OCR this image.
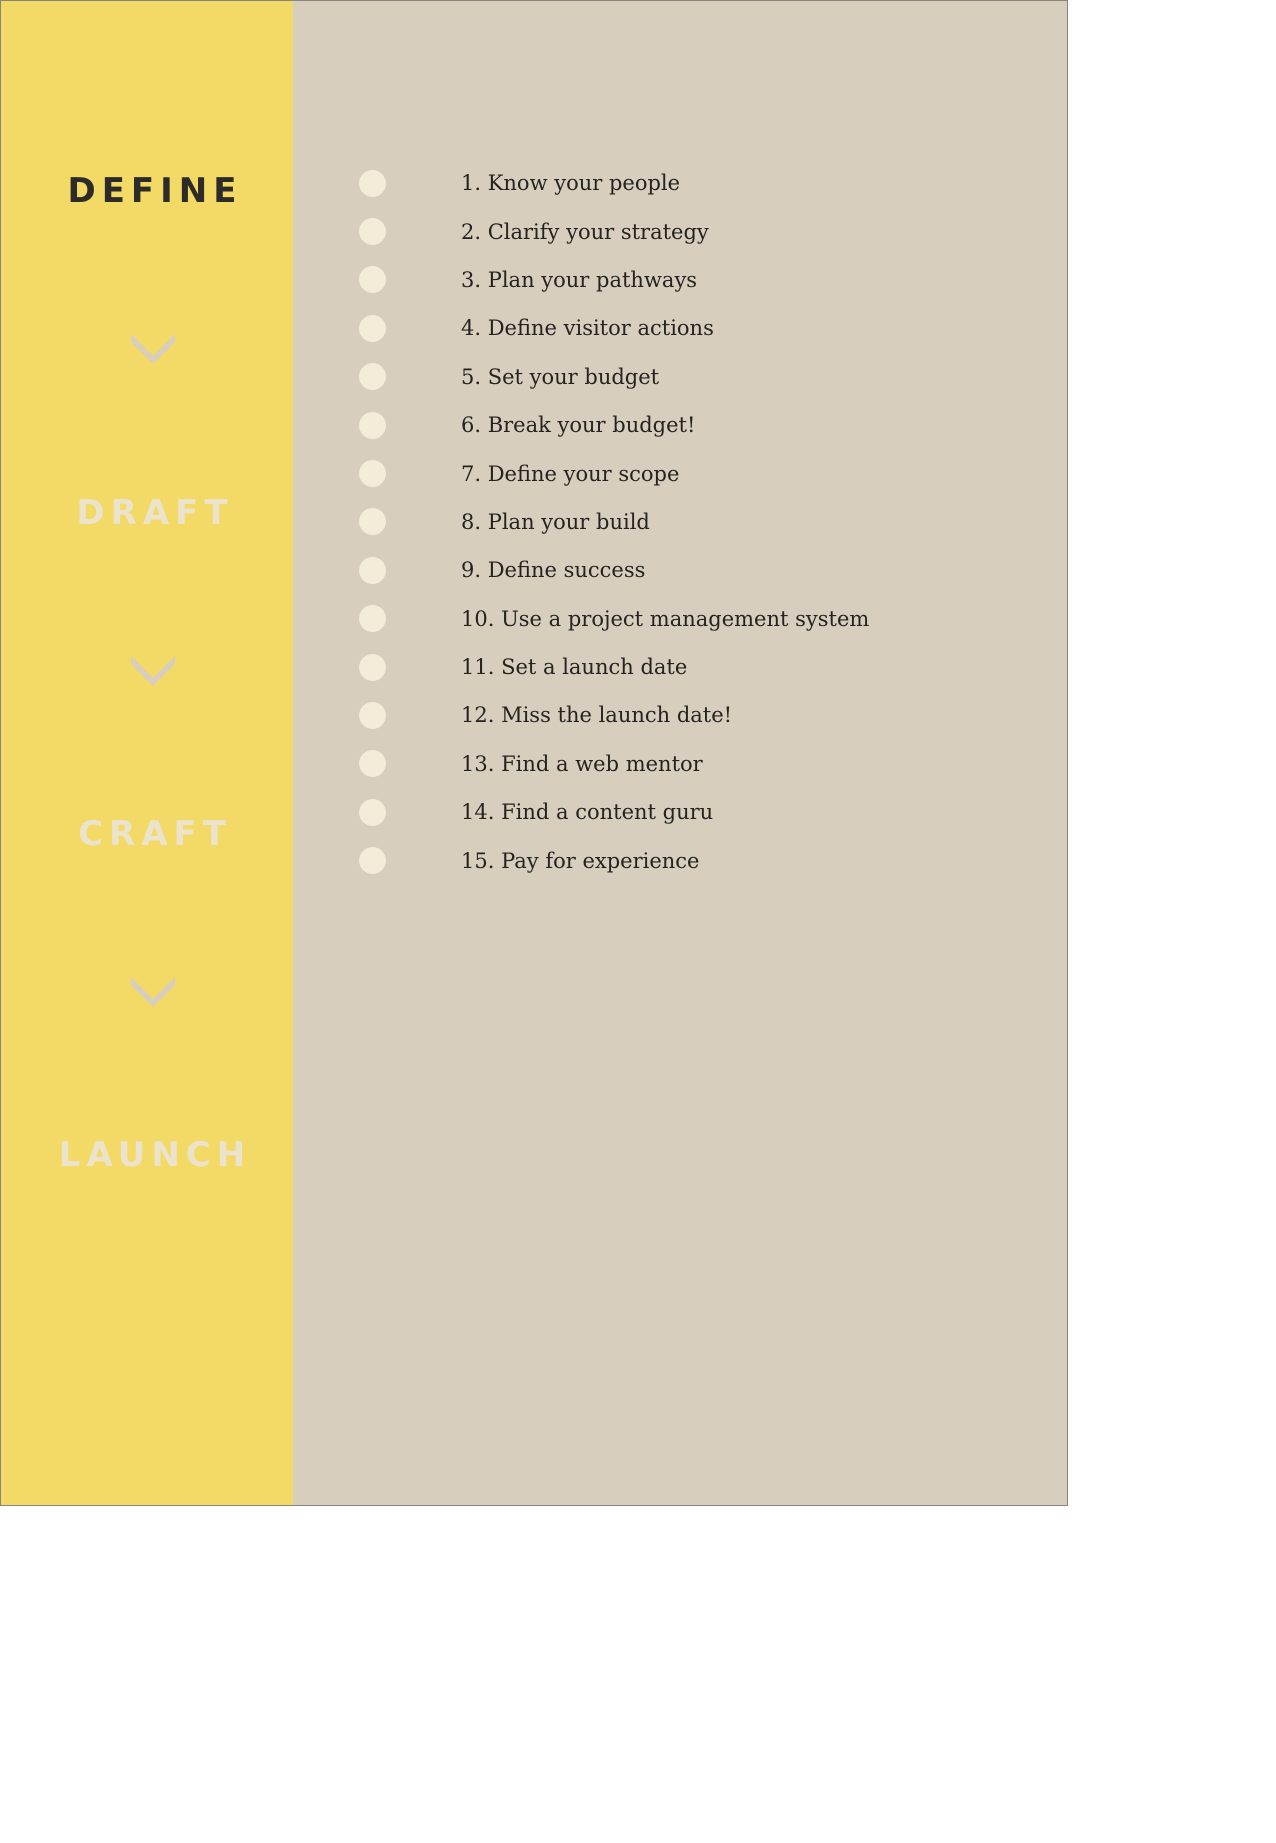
DEFINE
DRAFT
CRAFT
LAUNCH
1. Know your people
2. Clarify your strategy
3. Plan your pathways
4. Define visitor actions
5. Set your budget
6. Break your budget!
7. Define your scope
8. Plan your build
9. Define success
10. Use a project management system
11. Set a launch date
12. Miss the launch date!
13. Find a web mentor
14. Find a content guru
15. Pay for experience
